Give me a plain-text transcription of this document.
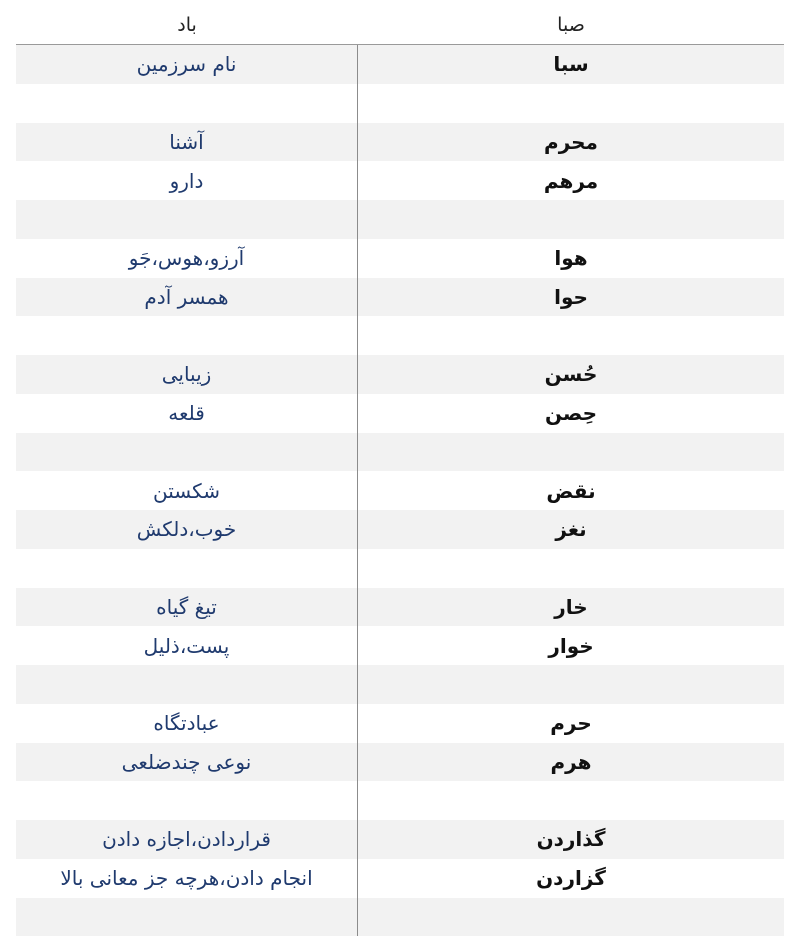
باد	صبا
نام سرزمین	سبا
آشنا	محرم
دارو	مرهم
آرزو،هوس،جَو	هوا
همسر آدم	حوا
زیبایی	حُسن
قلعه	حِصن
شکستن	نقض
خوب،دلکش	نغز
تیغ گیاه	خار
پست،ذلیل	خوار
عبادتگاه	حرم
نوعی چندضلعی	هرم
قراردادن،اجازه دادن	گذاردن
انجام دادن،هرچه جز معانی بالا	گزاردن
